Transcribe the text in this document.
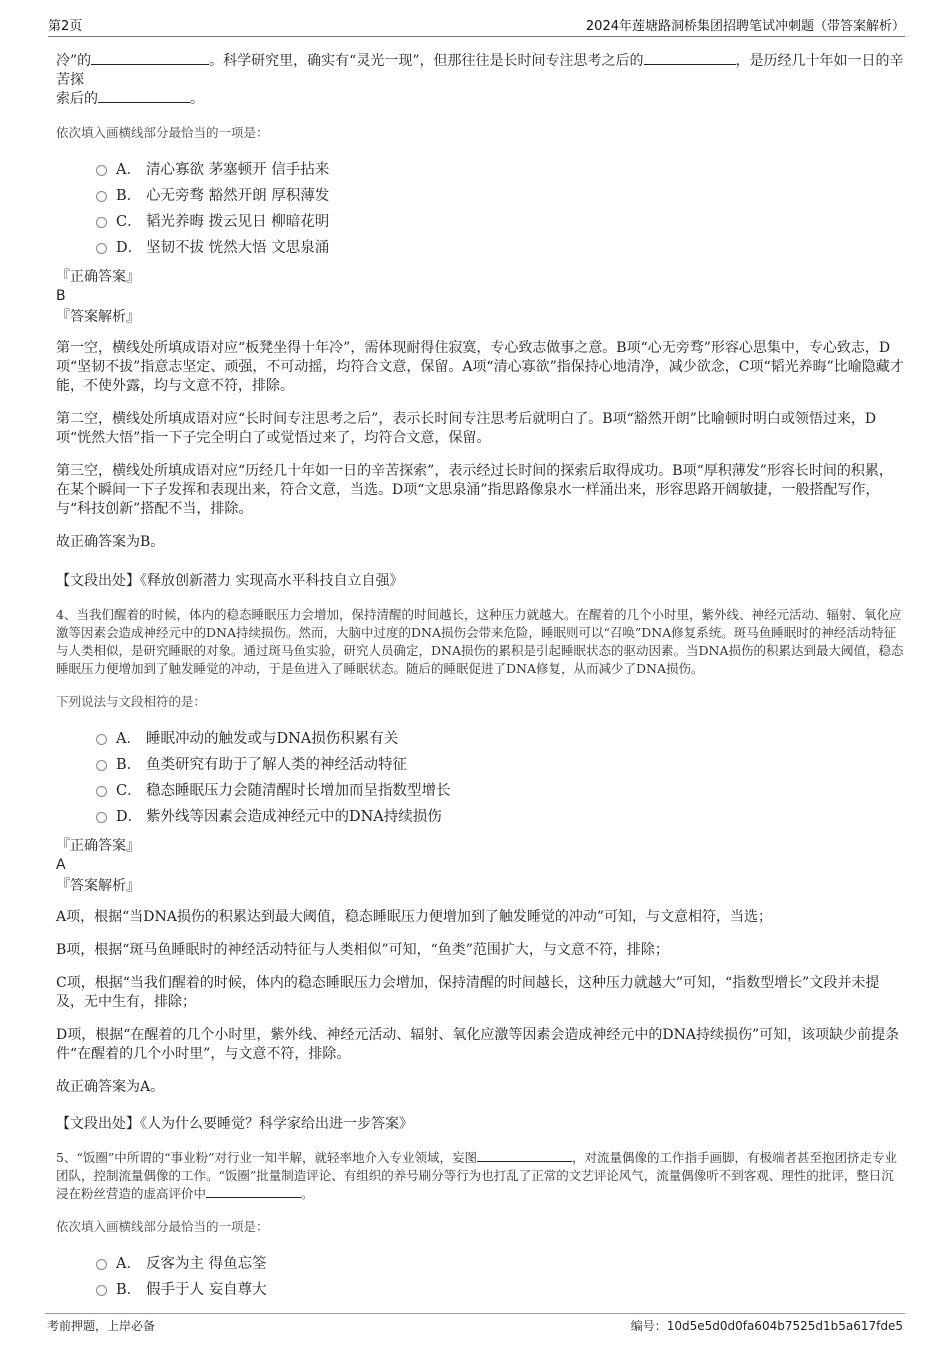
第2页	2024年莲塘路洞桥集团招聘笔试冲刺题（带答案解析）

冷”的	。科学研究里，确实有“灵光一现”，但那往往是长时间专注思考之后的	，是历经几十年如一日的辛苦探
索后的	。

依次填入画横线部分最恰当的一项是：

A． 清心寡欲 茅塞顿开 信手拈来
B． 心无旁骛 豁然开朗 厚积薄发
C． 韬光养晦 拨云见日 柳暗花明
D． 坚韧不拔 恍然大悟 文思泉涌

『正确答案』

B

『答案解析』

第一空，横线处所填成语对应“板凳坐得十年冷”，需体现耐得住寂寞，专心致志做事之意。B项“心无旁骛”形容心思集中，专心致志，D项“坚韧不拔”指意志坚定、顽强，不可动摇，均符合文意，保留。A项“清心寡欲”指保持心地清净，减少欲念，C项“韬光养晦”比喻隐藏才能，不使外露，均与文意不符，排除。

第二空，横线处所填成语对应“长时间专注思考之后”，表示长时间专注思考后就明白了。B项“豁然开朗”比喻顿时明白或领悟过来，D项“恍然大悟”指一下子完全明白了或觉悟过来了，均符合文意，保留。

第三空，横线处所填成语对应“历经几十年如一日的辛苦探索”，表示经过长时间的探索后取得成功。B项“厚积薄发”形容长时间的积累，在某个瞬间一下子发挥和表现出来，符合文意，当选。D项“文思泉涌”指思路像泉水一样涌出来，形容思路开阔敏捷，一般搭配写作，与“科技创新”搭配不当，排除。

故正确答案为B。

【文段出处】《释放创新潜力 实现高水平科技自立自强》

4、当我们醒着的时候，体内的稳态睡眠压力会增加，保持清醒的时间越长，这种压力就越大。在醒着的几个小时里，紫外线、神经元活动、辐射、氧化应激等因素会造成神经元中的DNA持续损伤。然而，大脑中过度的DNA损伤会带来危险，睡眠则可以“召唤”DNA修复系统。斑马鱼睡眠时的神经活动特征与人类相似，是研究睡眠的对象。通过斑马鱼实验，研究人员确定，DNA损伤的累积是引起睡眠状态的驱动因素。当DNA损伤的积累达到最大阈值，稳态睡眠压力便增加到了触发睡觉的冲动，于是鱼进入了睡眠状态。随后的睡眠促进了DNA修复，从而减少了DNA损伤。

下列说法与文段相符的是：

A． 睡眠冲动的触发或与DNA损伤积累有关
B． 鱼类研究有助于了解人类的神经活动特征
C． 稳态睡眠压力会随清醒时长增加而呈指数型增长
D． 紫外线等因素会造成神经元中的DNA持续损伤

『正确答案』

A

『答案解析』

A项，根据“当DNA损伤的积累达到最大阈值，稳态睡眠压力便增加到了触发睡觉的冲动”可知，与文意相符，当选；

B项，根据“斑马鱼睡眠时的神经活动特征与人类相似”可知，“鱼类”范围扩大，与文意不符，排除；

C项，根据“当我们醒着的时候，体内的稳态睡眠压力会增加，保持清醒的时间越长，这种压力就越大”可知，“指数型增长”文段并未提及，无中生有，排除；

D项，根据“在醒着的几个小时里，紫外线、神经元活动、辐射、氧化应激等因素会造成神经元中的DNA持续损伤”可知，该项缺少前提条件“在醒着的几个小时里”，与文意不符，排除。

故正确答案为A。

【文段出处】《人为什么要睡觉？科学家给出进一步答案》

5、“饭圈”中所谓的“事业粉”对行业一知半解，就轻率地介入专业领域，妄图	，对流量偶像的工作指手画脚，有极端者甚至抱团挤走专业团队，控制流量偶像的工作。“饭圈”批量制造评论、有组织的养号刷分等行为也打乱了正常的文艺评论风气，流量偶像听不到客观、理性的批评，整日沉浸在粉丝营造的虚高评价中	。

依次填入画横线部分最恰当的一项是：

A． 反客为主 得鱼忘筌
B． 假手于人 妄自尊大
考前押题，上岸必备	编号：10d5e5d0d0fa604b7525d1b5a617fde5
